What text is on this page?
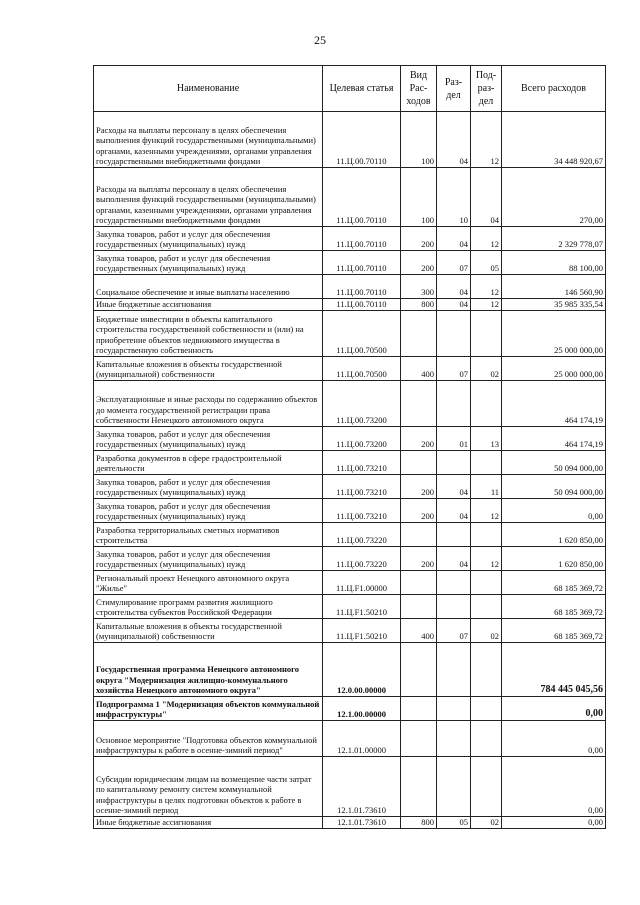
25
Наименование	Целевая статья	Вид Рас-ходов	Раз-дел	Под-раз-дел	Всего расходов
Расходы на выплаты персоналу в целях обеспечения выполнения функций государственными (муниципальными) органами, казенными учреждениями, органами управления государственными внебюджетными фондами	11.Ц.00.70110	100	04	12	34 448 920,67
Расходы на выплаты персоналу в целях обеспечения выполнения функций государственными (муниципальными) органами, казенными учреждениями, органами управления государственными внебюджетными фондами	11.Ц.00.70110	100	10	04	270,00
Закупка товаров, работ и услуг для обеспечения государственных (муниципальных) нужд	11.Ц.00.70110	200	04	12	2 329 778,07
Закупка товаров, работ и услуг для обеспечения государственных (муниципальных) нужд	11.Ц.00.70110	200	07	05	88 100,00
Социальное обеспечение и иные выплаты населению	11.Ц.00.70110	300	04	12	146 560,90
Иные бюджетные ассигнования	11.Ц.00.70110	800	04	12	35 985 335,54
Бюджетные инвестиции в объекты капитального строительства государственной собственности и (или) на приобретение объектов недвижимого имущества в государственную собственность	11.Ц.00.70500				25 000 000,00
Капитальные вложения в объекты государственной (муниципальной) собственности	11.Ц.00.70500	400	07	02	25 000 000,00
Эксплуатационные и иные расходы по содержанию объектов до момента государственной регистрации права собственности Ненецкого автономного округа	11.Ц.00.73200				464 174,19
Закупка товаров, работ и услуг для обеспечения государственных (муниципальных) нужд	11.Ц.00.73200	200	01	13	464 174,19
Разработка документов в сфере градостроительной деятельности	11.Ц.00.73210				50 094 000,00
Закупка товаров, работ и услуг для обеспечения государственных (муниципальных) нужд	11.Ц.00.73210	200	04	11	50 094 000,00
Закупка товаров, работ и услуг для обеспечения государственных (муниципальных) нужд	11.Ц.00.73210	200	04	12	0,00
Разработка территориальных сметных нормативов строительства	11.Ц.00.73220				1 620 850,00
Закупка товаров, работ и услуг для обеспечения государственных (муниципальных) нужд	11.Ц.00.73220	200	04	12	1 620 850,00
Региональный проект Ненецкого автономного округа "Жилье"	11.Ц.F1.00000				68 185 369,72
Стимулирование программ развития жилищного строительства субъектов Российской Федерации	11.Ц.F1.50210				68 185 369,72
Капитальные вложения в объекты государственной (муниципальной) собственности	11.Ц.F1.50210	400	07	02	68 185 369,72
Государственная программа Ненецкого автономного округа "Модернизация жилищно-коммунального хозяйства Ненецкого автономного округа"	12.0.00.00000				784 445 045,56
Подпрограмма 1 "Модернизация объектов коммунальной инфраструктуры"	12.1.00.00000				0,00
Основное мероприятие "Подготовка объектов коммунальной инфраструктуры к работе в осенне-зимний период"	12.1.01.00000				0,00
Субсидии юридическим лицам на возмещение части затрат по капитальному ремонту систем коммунальной инфраструктуры в целях подготовки объектов к работе в осенне-зимний период	12.1.01.73610				0,00
Иные бюджетные ассигнования	12.1.01.73610	800	05	02	0,00
